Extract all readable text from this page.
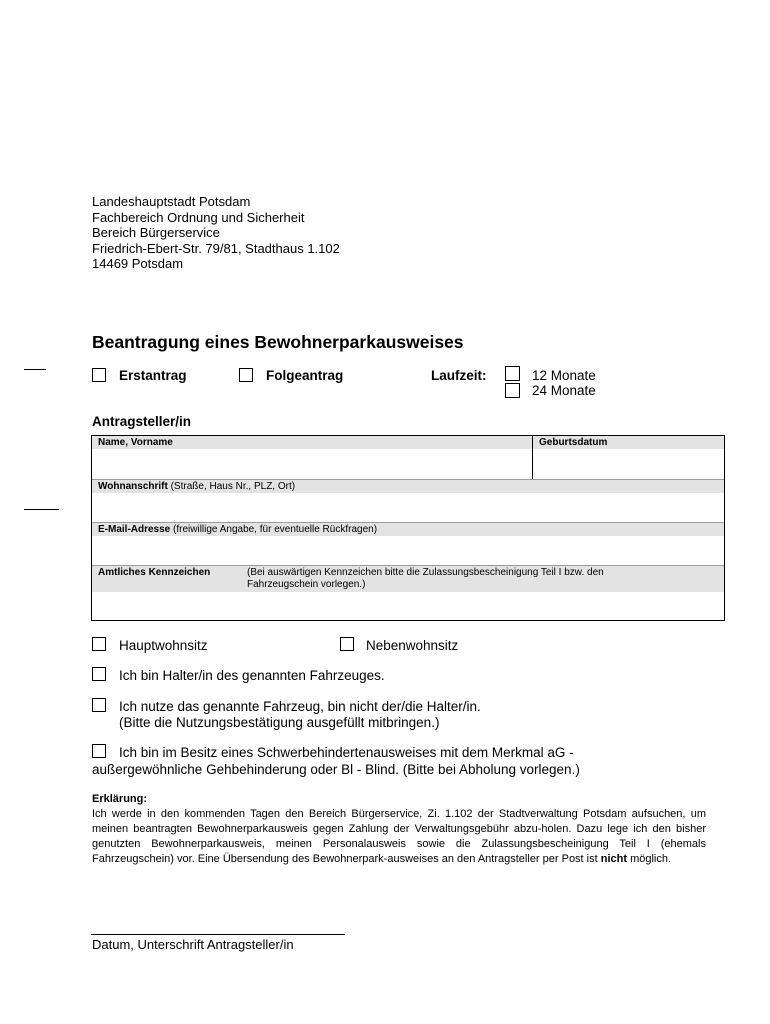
Landeshauptstadt Potsdam
Fachbereich Ordnung und Sicherheit
Bereich Bürgerservice
Friedrich-Ebert-Str. 79/81, Stadthaus 1.102
14469 Potsdam
Beantragung eines Bewohnerparkausweises
Erstantrag	Folgeantrag	Laufzeit:	12 Monate
24 Monate
Antragsteller/in
Name, Vorname	Geburtsdatum
Wohnanschrift (Straße, Haus Nr., PLZ, Ort)
E-Mail-Adresse (freiwillige Angabe, für eventuelle Rückfragen)
Amtliches Kennzeichen	(Bei auswärtigen Kennzeichen bitte die Zulassungsbescheinigung Teil I bzw. den
Fahrzeugschein vorlegen.)
Hauptwohnsitz	Nebenwohnsitz
Ich bin Halter/in des genannten Fahrzeuges.
Ich nutze das genannte Fahrzeug, bin nicht der/die Halter/in.
(Bitte die Nutzungsbestätigung ausgefüllt mitbringen.)
Ich bin im Besitz eines Schwerbehindertenausweises mit dem Merkmal aG -
außergewöhnliche Gehbehinderung oder Bl - Blind. (Bitte bei Abholung vorlegen.)
Erklärung:
Ich werde in den kommenden Tagen den Bereich Bürgerservice, Zi. 1.102 der Stadtverwaltung Potsdam aufsuchen, um meinen beantragten Bewohnerparkausweis gegen Zahlung der Verwaltungsgebühr abzu-holen. Dazu lege ich den bisher genutzten Bewohnerparkausweis, meinen Personalausweis sowie die Zulassungsbescheinigung Teil I (ehemals Fahrzeugschein) vor. Eine Übersendung des Bewohnerpark-ausweises an den Antragsteller per Post ist nicht möglich.
Datum, Unterschrift Antragsteller/in
